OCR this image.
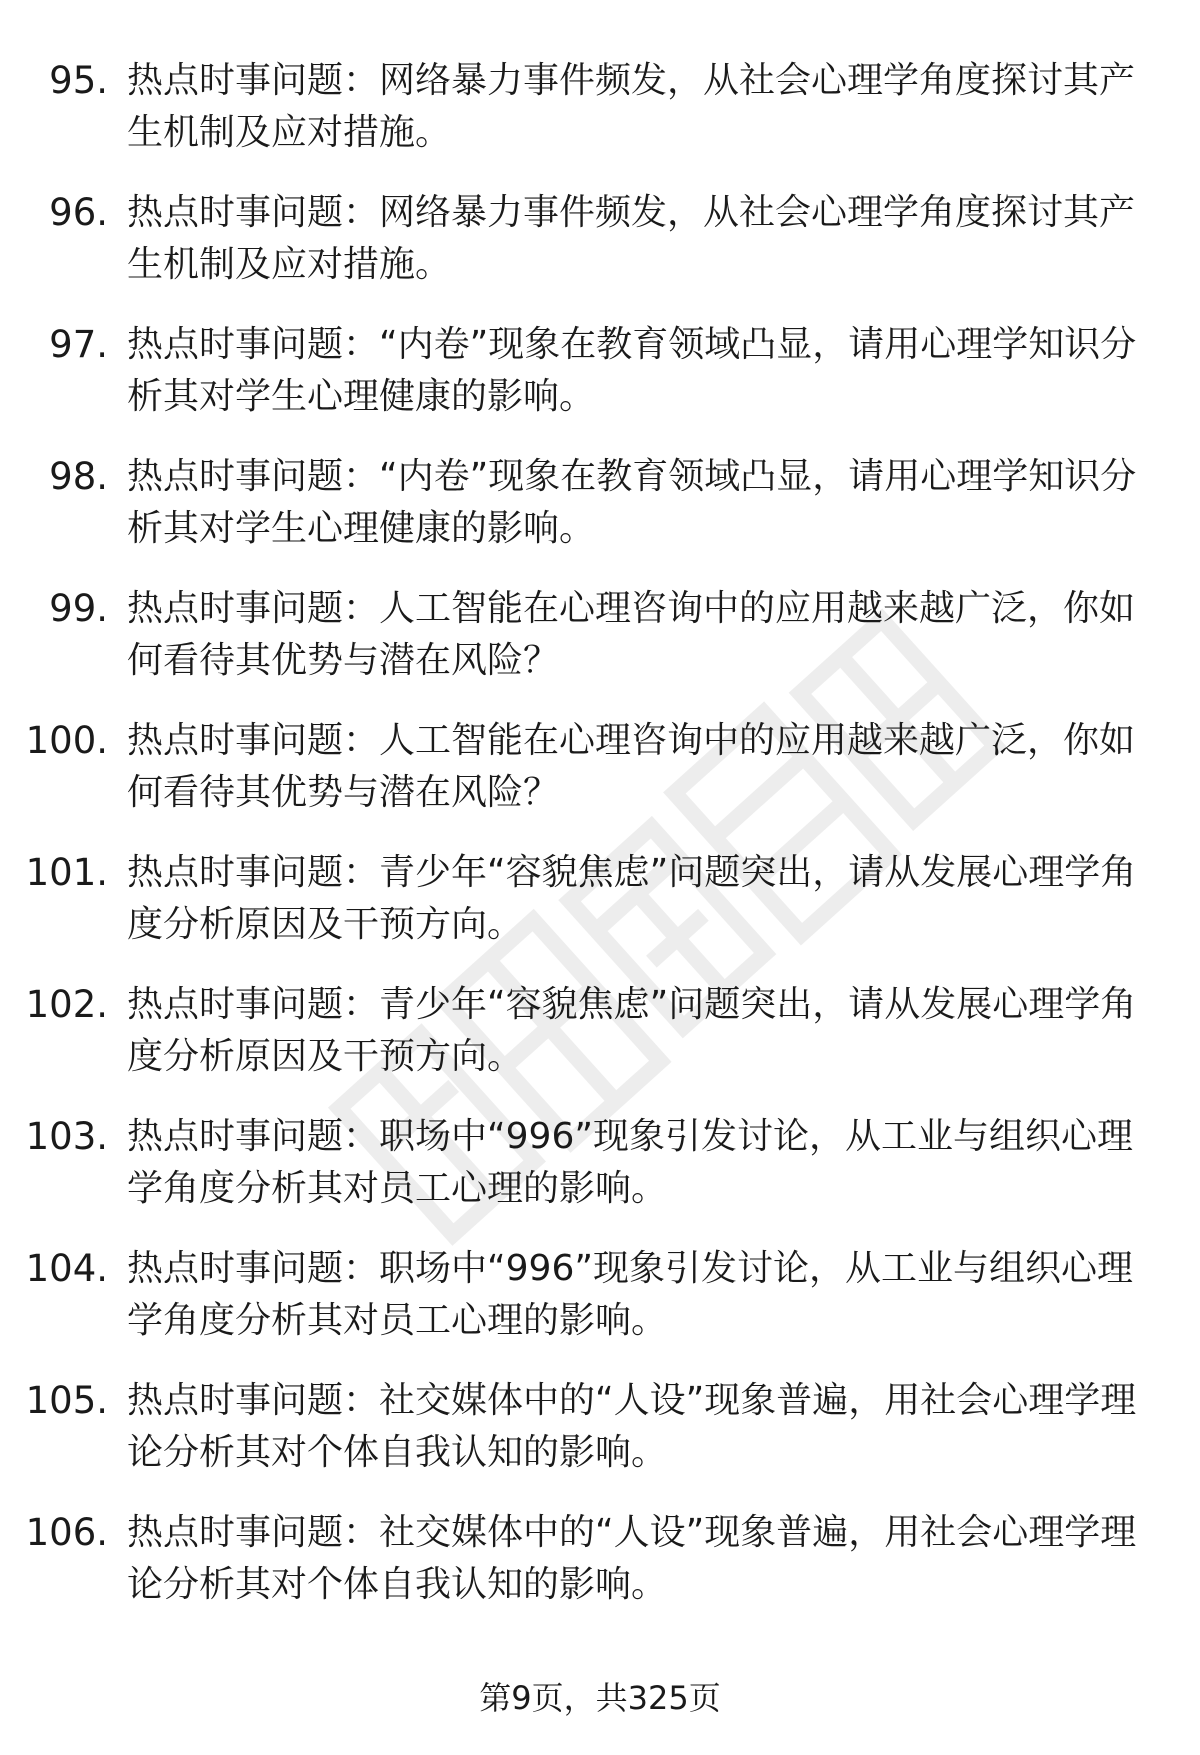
95. 热点时事问题：网络暴力事件频发，从社会心理学角度探讨其产生机制及应对措施。
96. 热点时事问题：网络暴力事件频发，从社会心理学角度探讨其产生机制及应对措施。
97. 热点时事问题：“内卷”现象在教育领域凸显，请用心理学知识分析其对学生心理健康的影响。
98. 热点时事问题：“内卷”现象在教育领域凸显，请用心理学知识分析其对学生心理健康的影响。
99. 热点时事问题：人工智能在心理咨询中的应用越来越广泛，你如何看待其优势与潜在风险？
100. 热点时事问题：人工智能在心理咨询中的应用越来越广泛，你如何看待其优势与潜在风险？
101. 热点时事问题：青少年“容貌焦虑”问题突出，请从发展心理学角度分析原因及干预方向。
102. 热点时事问题：青少年“容貌焦虑”问题突出，请从发展心理学角度分析原因及干预方向。
103. 热点时事问题：职场中“996”现象引发讨论，从工业与组织心理学角度分析其对员工心理的影响。
104. 热点时事问题：职场中“996”现象引发讨论，从工业与组织心理学角度分析其对员工心理的影响。
105. 热点时事问题：社交媒体中的“人设”现象普遍，用社会心理学理论分析其对个体自我认知的影响。
106. 热点时事问题：社交媒体中的“人设”现象普遍，用社会心理学理论分析其对个体自我认知的影响。
第9页，共325页
